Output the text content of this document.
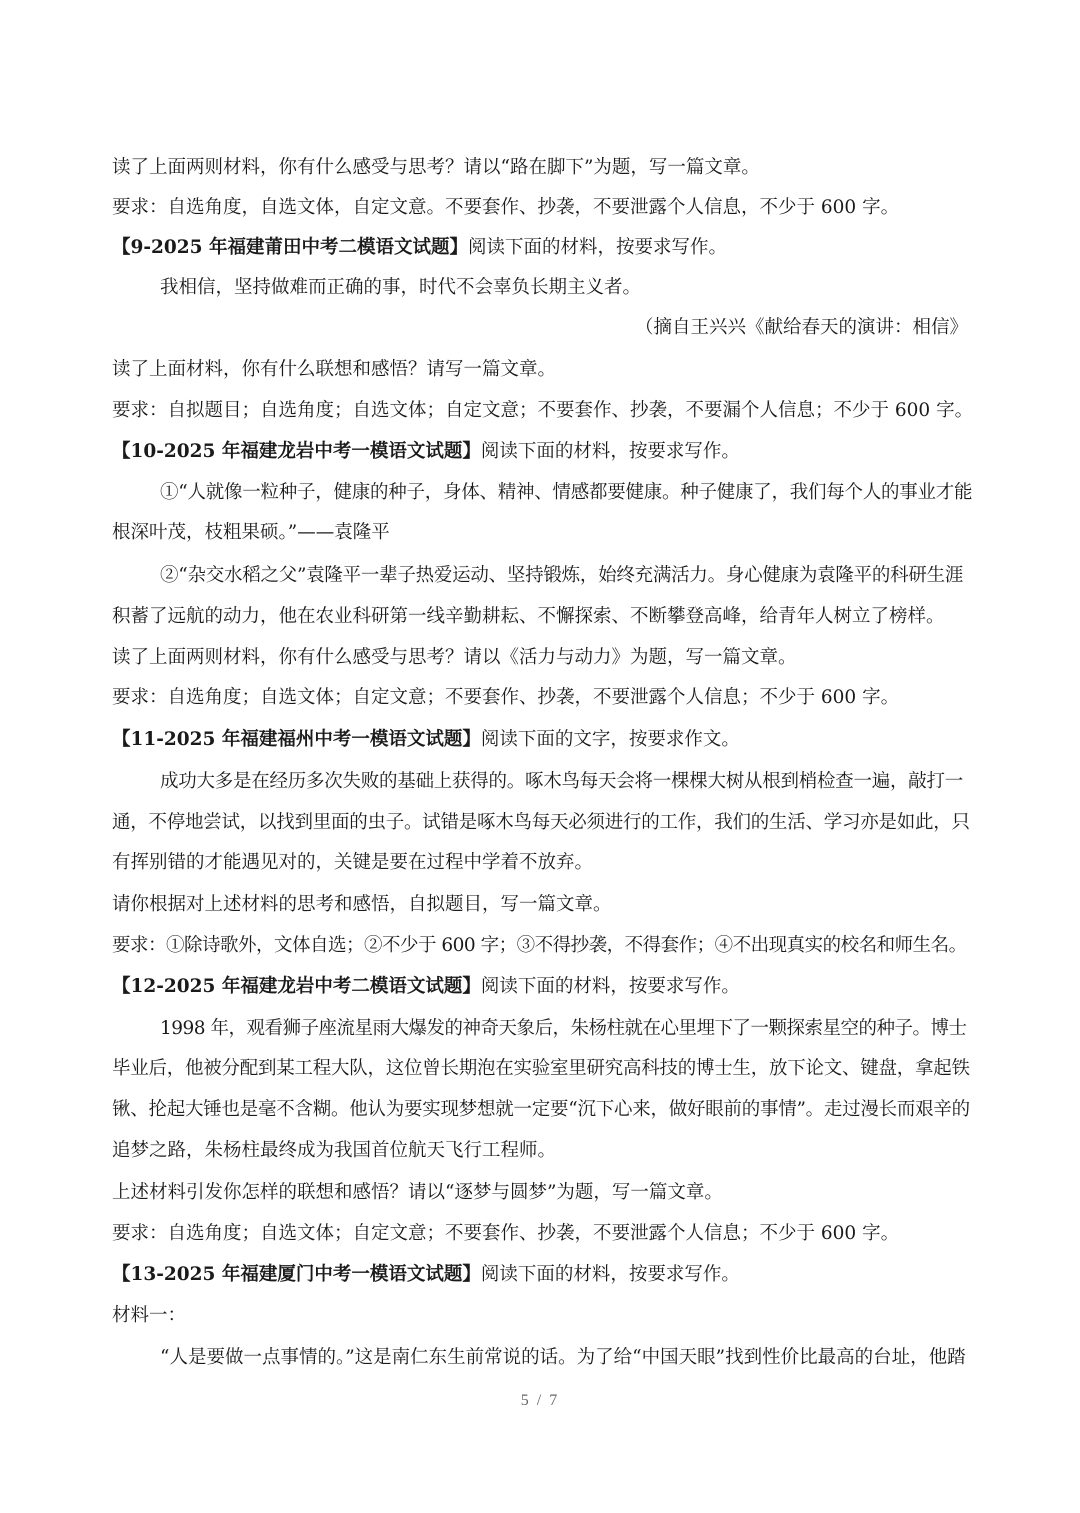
读了上面两则材料，你有什么感受与思考？请以“路在脚下”为题，写一篇文章。
要求：自选角度，自选文体，自定文意。不要套作、抄袭，不要泄露个人信息，不少于 600 字。
【9-2025 年福建莆田中考二模语文试题】阅读下面的材料，按要求写作。
我相信，坚持做难而正确的事，时代不会辜负长期主义者。
（摘自王兴兴《献给春天的演讲：相信》
读了上面材料，你有什么联想和感悟？请写一篇文章。
要求：自拟题目；自选角度；自选文体；自定文意；不要套作、抄袭，不要漏个人信息；不少于 600 字。
【10-2025 年福建龙岩中考一模语文试题】阅读下面的材料，按要求写作。
①“人就像一粒种子，健康的种子，身体、精神、情感都要健康。种子健康了，我们每个人的事业才能
根深叶茂，枝粗果硕。”——袁隆平
②“杂交水稻之父”袁隆平一辈子热爱运动、坚持锻炼，始终充满活力。身心健康为袁隆平的科研生涯
积蓄了远航的动力，他在农业科研第一线辛勤耕耘、不懈探索、不断攀登高峰，给青年人树立了榜样。
读了上面两则材料，你有什么感受与思考？请以《活力与动力》为题，写一篇文章。
要求：自选角度；自选文体；自定文意；不要套作、抄袭，不要泄露个人信息；不少于 600 字。
【11-2025 年福建福州中考一模语文试题】阅读下面的文字，按要求作文。
成功大多是在经历多次失败的基础上获得的。啄木鸟每天会将一棵棵大树从根到梢检查一遍，敲打一
通，不停地尝试，以找到里面的虫子。试错是啄木鸟每天必须进行的工作，我们的生活、学习亦是如此，只
有挥别错的才能遇见对的，关键是要在过程中学着不放弃。
请你根据对上述材料的思考和感悟，自拟题目，写一篇文章。
要求：①除诗歌外，文体自选；②不少于 600 字；③不得抄袭，不得套作；④不出现真实的校名和师生名。
【12-2025 年福建龙岩中考二模语文试题】阅读下面的材料，按要求写作。
1998 年，观看狮子座流星雨大爆发的神奇天象后，朱杨柱就在心里埋下了一颗探索星空的种子。博士
毕业后，他被分配到某工程大队，这位曾长期泡在实验室里研究高科技的博士生，放下论文、键盘，拿起铁
锹、抡起大锤也是毫不含糊。他认为要实现梦想就一定要“沉下心来，做好眼前的事情”。走过漫长而艰辛的
追梦之路，朱杨柱最终成为我国首位航天飞行工程师。
上述材料引发你怎样的联想和感悟？请以“逐梦与圆梦”为题，写一篇文章。
要求：自选角度；自选文体；自定文意；不要套作、抄袭，不要泄露个人信息；不少于 600 字。
【13-2025 年福建厦门中考一模语文试题】阅读下面的材料，按要求写作。
材料一：
“人是要做一点事情的。”这是南仁东生前常说的话。为了给“中国天眼”找到性价比最高的台址，他踏
5 / 7
